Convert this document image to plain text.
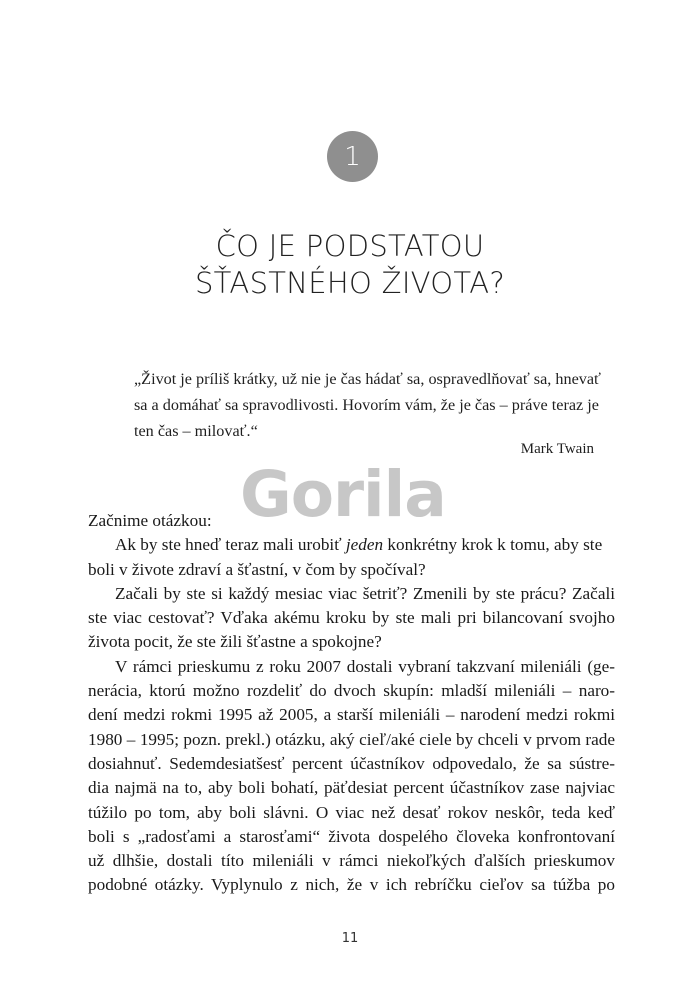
1
ČO JE PODSTATOU
ŠŤASTNÉHO ŽIVOTA?
„Život je príliš krátky, už nie je čas hádať sa, ospravedlňovať sa, hnevať
sa a domáhať sa spravodlivosti. Hovorím vám, že je čas – práve teraz je
ten čas – milovať.“
Mark Twain
Gorila
Začnime otázkou:
Ak by ste hneď teraz mali urobiť jeden konkrétny krok k tomu, aby ste
boli v živote zdraví a šťastní, v čom by spočíval?
Začali by ste si každý mesiac viac šetriť? Zmenili by ste prácu? Začali
ste viac cestovať? Vďaka akému kroku by ste mali pri bilancovaní svojho
života pocit, že ste žili šťastne a spokojne?
V rámci prieskumu z roku 2007 dostali vybraní takzvaní mileniáli (ge-
nerácia, ktorú možno rozdeliť do dvoch skupín: mladší mileniáli – naro-
dení medzi rokmi 1995 až 2005, a starší mileniáli – narodení medzi rokmi
1980 – 1995; pozn. prekl.) otázku, aký cieľ/aké ciele by chceli v prvom rade
dosiahnuť. Sedemdesiatšesť percent účastníkov odpovedalo, že sa sústre-
dia najmä na to, aby boli bohatí, päťdesiat percent účastníkov zase najviac
túžilo po tom, aby boli slávni. O viac než desať rokov neskôr, teda keď
boli s „radosťami a starosťami“ života dospelého človeka konfrontovaní
už dlhšie, dostali títo mileniáli v rámci niekoľkých ďalších prieskumov
podobné otázky. Vyplynulo z nich, že v ich rebríčku cieľov sa túžba po
11
